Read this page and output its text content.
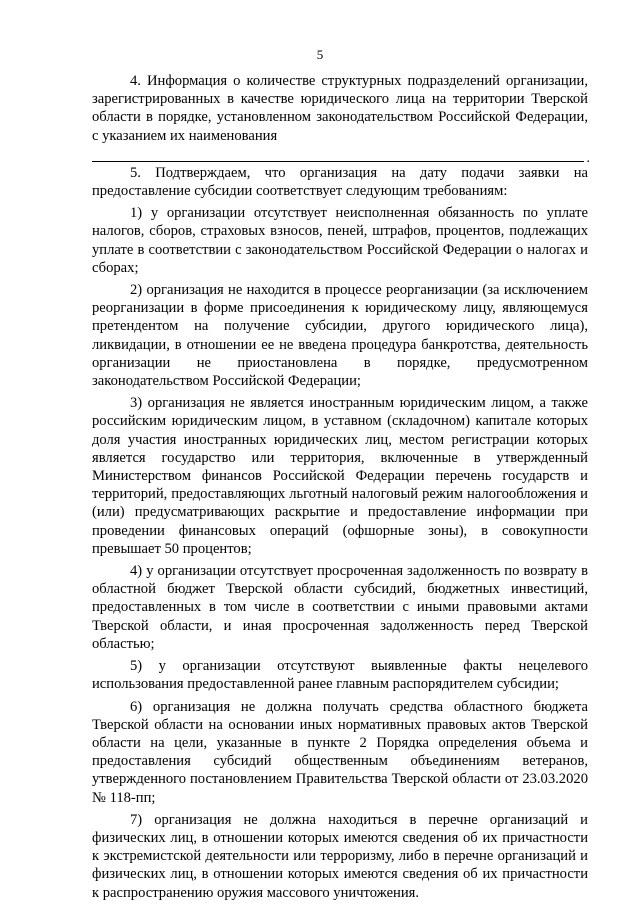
5

4. Информация о количестве структурных подразделений организации, зарегистрированных в качестве юридического лица на территории Тверской области в порядке, установленном законодательством Российской Федерации, с указанием их наименования

.

5. Подтверждаем, что организация на дату подачи заявки на предоставление субсидии соответствует следующим требованиям:

1) у организации отсутствует неисполненная обязанность по уплате налогов, сборов, страховых взносов, пеней, штрафов, процентов, подлежащих уплате в соответствии с законодательством Российской Федерации о налогах и сборах;

2) организация не находится в процессе реорганизации (за исключением реорганизации в форме присоединения к юридическому лицу, являющемуся претендентом на получение субсидии, другого юридического лица), ликвидации, в отношении ее не введена процедура банкротства, деятельность организации не приостановлена в порядке, предусмотренном законодательством Российской Федерации;

3) организация не является иностранным юридическим лицом, а также российским юридическим лицом, в уставном (складочном) капитале которых доля участия иностранных юридических лиц, местом регистрации которых является государство или территория, включенные в утвержденный Министерством финансов Российской Федерации перечень государств и территорий, предоставляющих льготный налоговый режим налогообложения и (или) предусматривающих раскрытие и предоставление информации при проведении финансовых операций (офшорные зоны), в совокупности превышает 50 процентов;

4) у организации отсутствует просроченная задолженность по возврату в областной бюджет Тверской области субсидий, бюджетных инвестиций, предоставленных в том числе в соответствии с иными правовыми актами Тверской области, и иная просроченная задолженность перед Тверской областью;

5) у организации отсутствуют выявленные факты нецелевого использования предоставленной ранее главным распорядителем субсидии;

6) организация не должна получать средства областного бюджета Тверской области на основании иных нормативных правовых актов Тверской области на цели, указанные в пункте 2 Порядка определения объема и предоставления субсидий общественным объединениям ветеранов, утвержденного постановлением Правительства Тверской области от 23.03.2020 № 118-пп;

7) организация не должна находиться в перечне организаций и физических лиц, в отношении которых имеются сведения об их причастности к экстремистской деятельности или терроризму, либо в перечне организаций и физических лиц, в отношении которых имеются сведения об их причастности к распространению оружия массового уничтожения.
